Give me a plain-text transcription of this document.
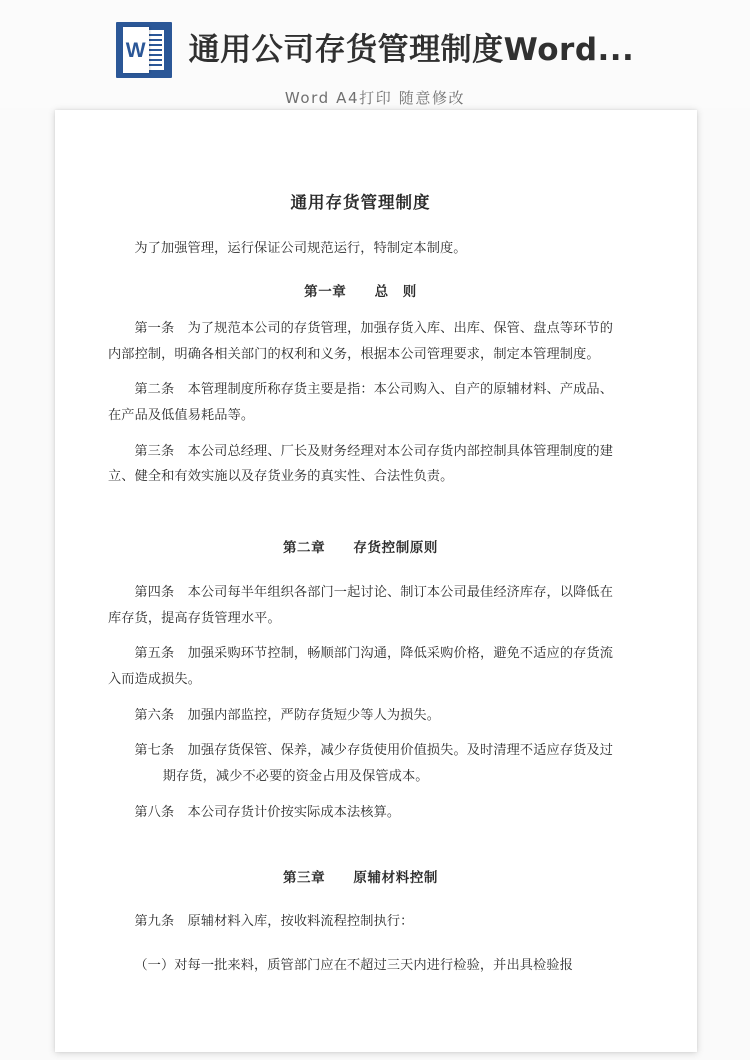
W 通用公司存货管理制度Word...
Word A4打印 随意修改
通用存货管理制度

为了加强管理，运行保证公司规范运行，特制定本制度。

第一章　　总　则

第一条　为了规范本公司的存货管理，加强存货入库、出库、保管、盘点等环节的内部控制，明确各相关部门的权利和义务，根据本公司管理要求，制定本管理制度。

第二条　本管理制度所称存货主要是指：本公司购入、自产的原辅材料、产成品、在产品及低值易耗品等。

第三条　本公司总经理、厂长及财务经理对本公司存货内部控制具体管理制度的建立、健全和有效实施以及存货业务的真实性、合法性负责。

第二章　　存货控制原则

第四条　本公司每半年组织各部门一起讨论、制订本公司最佳经济库存，以降低在库存货，提高存货管理水平。

第五条　加强采购环节控制，畅顺部门沟通，降低采购价格，避免不适应的存货流入而造成损失。

第六条　加强内部监控，严防存货短少等人为损失。

第七条　加强存货保管、保养，减少存货使用价值损失。及时清理不适应存货及过期存货，减少不必要的资金占用及保管成本。

第八条　本公司存货计价按实际成本法核算。

第三章　　原辅材料控制

第九条　原辅材料入库，按收料流程控制执行：

（一）对每一批来料，质管部门应在不超过三天内进行检验，并出具检验报
